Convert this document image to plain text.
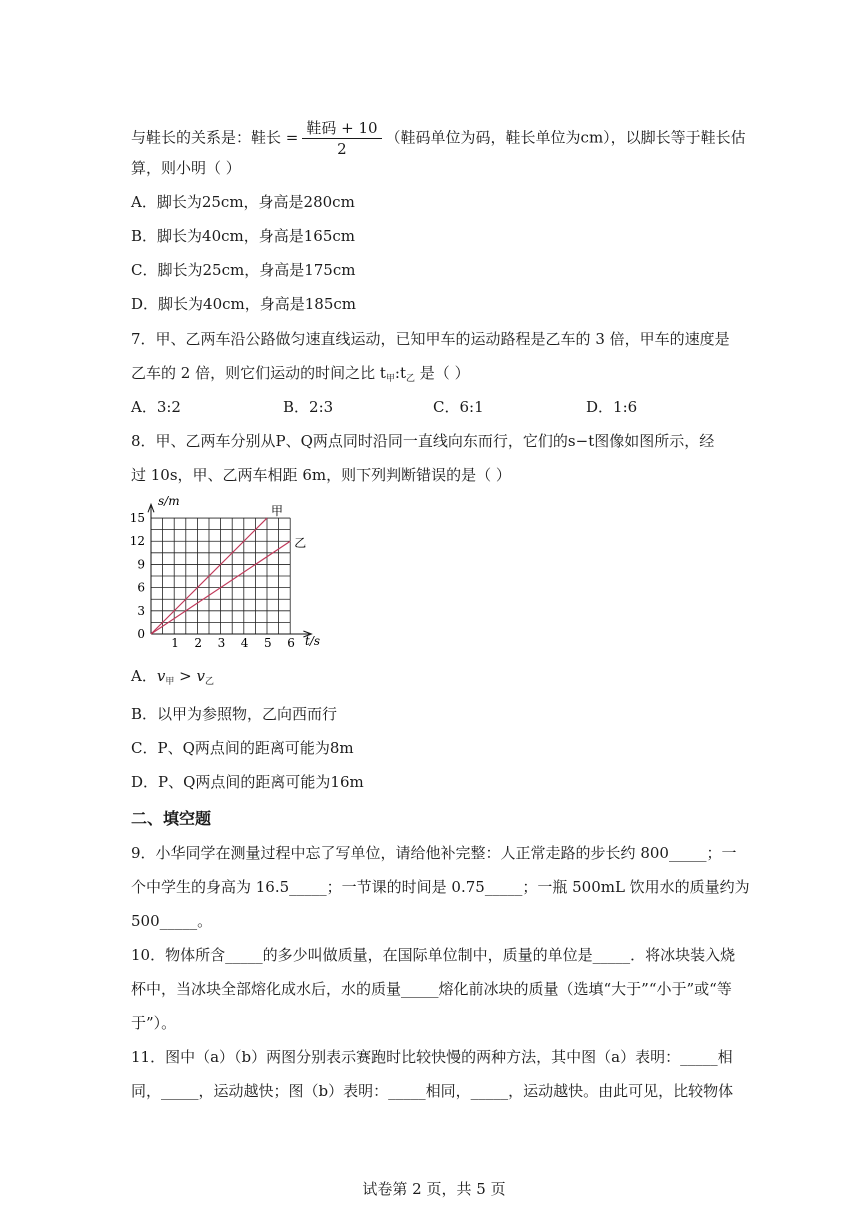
与鞋长的关系是：鞋长 = $\frac{\text{鞋码 + 10}}{2}$ （鞋码单位为码，鞋长单位为cm），以脚长等于鞋长估
算，则小明（ ）
A．脚长为25cm，身高是280cm
B．脚长为40cm，身高是165cm
C．脚长为25cm，身高是175cm
D．脚长为40cm，身高是185cm
7．甲、乙两车沿公路做匀速直线运动，已知甲车的运动路程是乙车的 3 倍，甲车的速度是
乙车的 2 倍，则它们运动的时间之比 $t_甲:t_乙$ 是（ ）
A．3:2	B．2:3	C．6:1	D．1:6
8．甲、乙两车分别从P、Q两点同时沿同一直线向东而行，它们的s−t图像如图所示，经
过 10s，甲、乙两车相距 6m，则下列判断错误的是（ ）
1 2 3 4 5 6
0
3
6
9
12
15	甲
乙
s/m
t/s
A．$v_甲 > v_乙$
B．以甲为参照物，乙向西而行
C．P、Q两点间的距离可能为8m
D．P、Q两点间的距离可能为16m
二、填空题
9．小华同学在测量过程中忘了写单位，请给他补完整：人正常走路的步长约 800_____；一
个中学生的身高为 16.5_____；一节课的时间是 0.75_____；一瓶 500mL 饮用水的质量约为
500_____。
10．物体所含_____的多少叫做质量，在国际单位制中，质量的单位是_____．将冰块装入烧
杯中，当冰块全部熔化成水后，水的质量_____熔化前冰块的质量（选填“大于”“小于”或“等
于”）。
11．图中（a）（b）两图分别表示赛跑时比较快慢的两种方法，其中图（a）表明：_____相
同，_____，运动越快；图（b）表明：_____相同，_____，运动越快。由此可见，比较物体
试卷第 2 页，共 5 页
